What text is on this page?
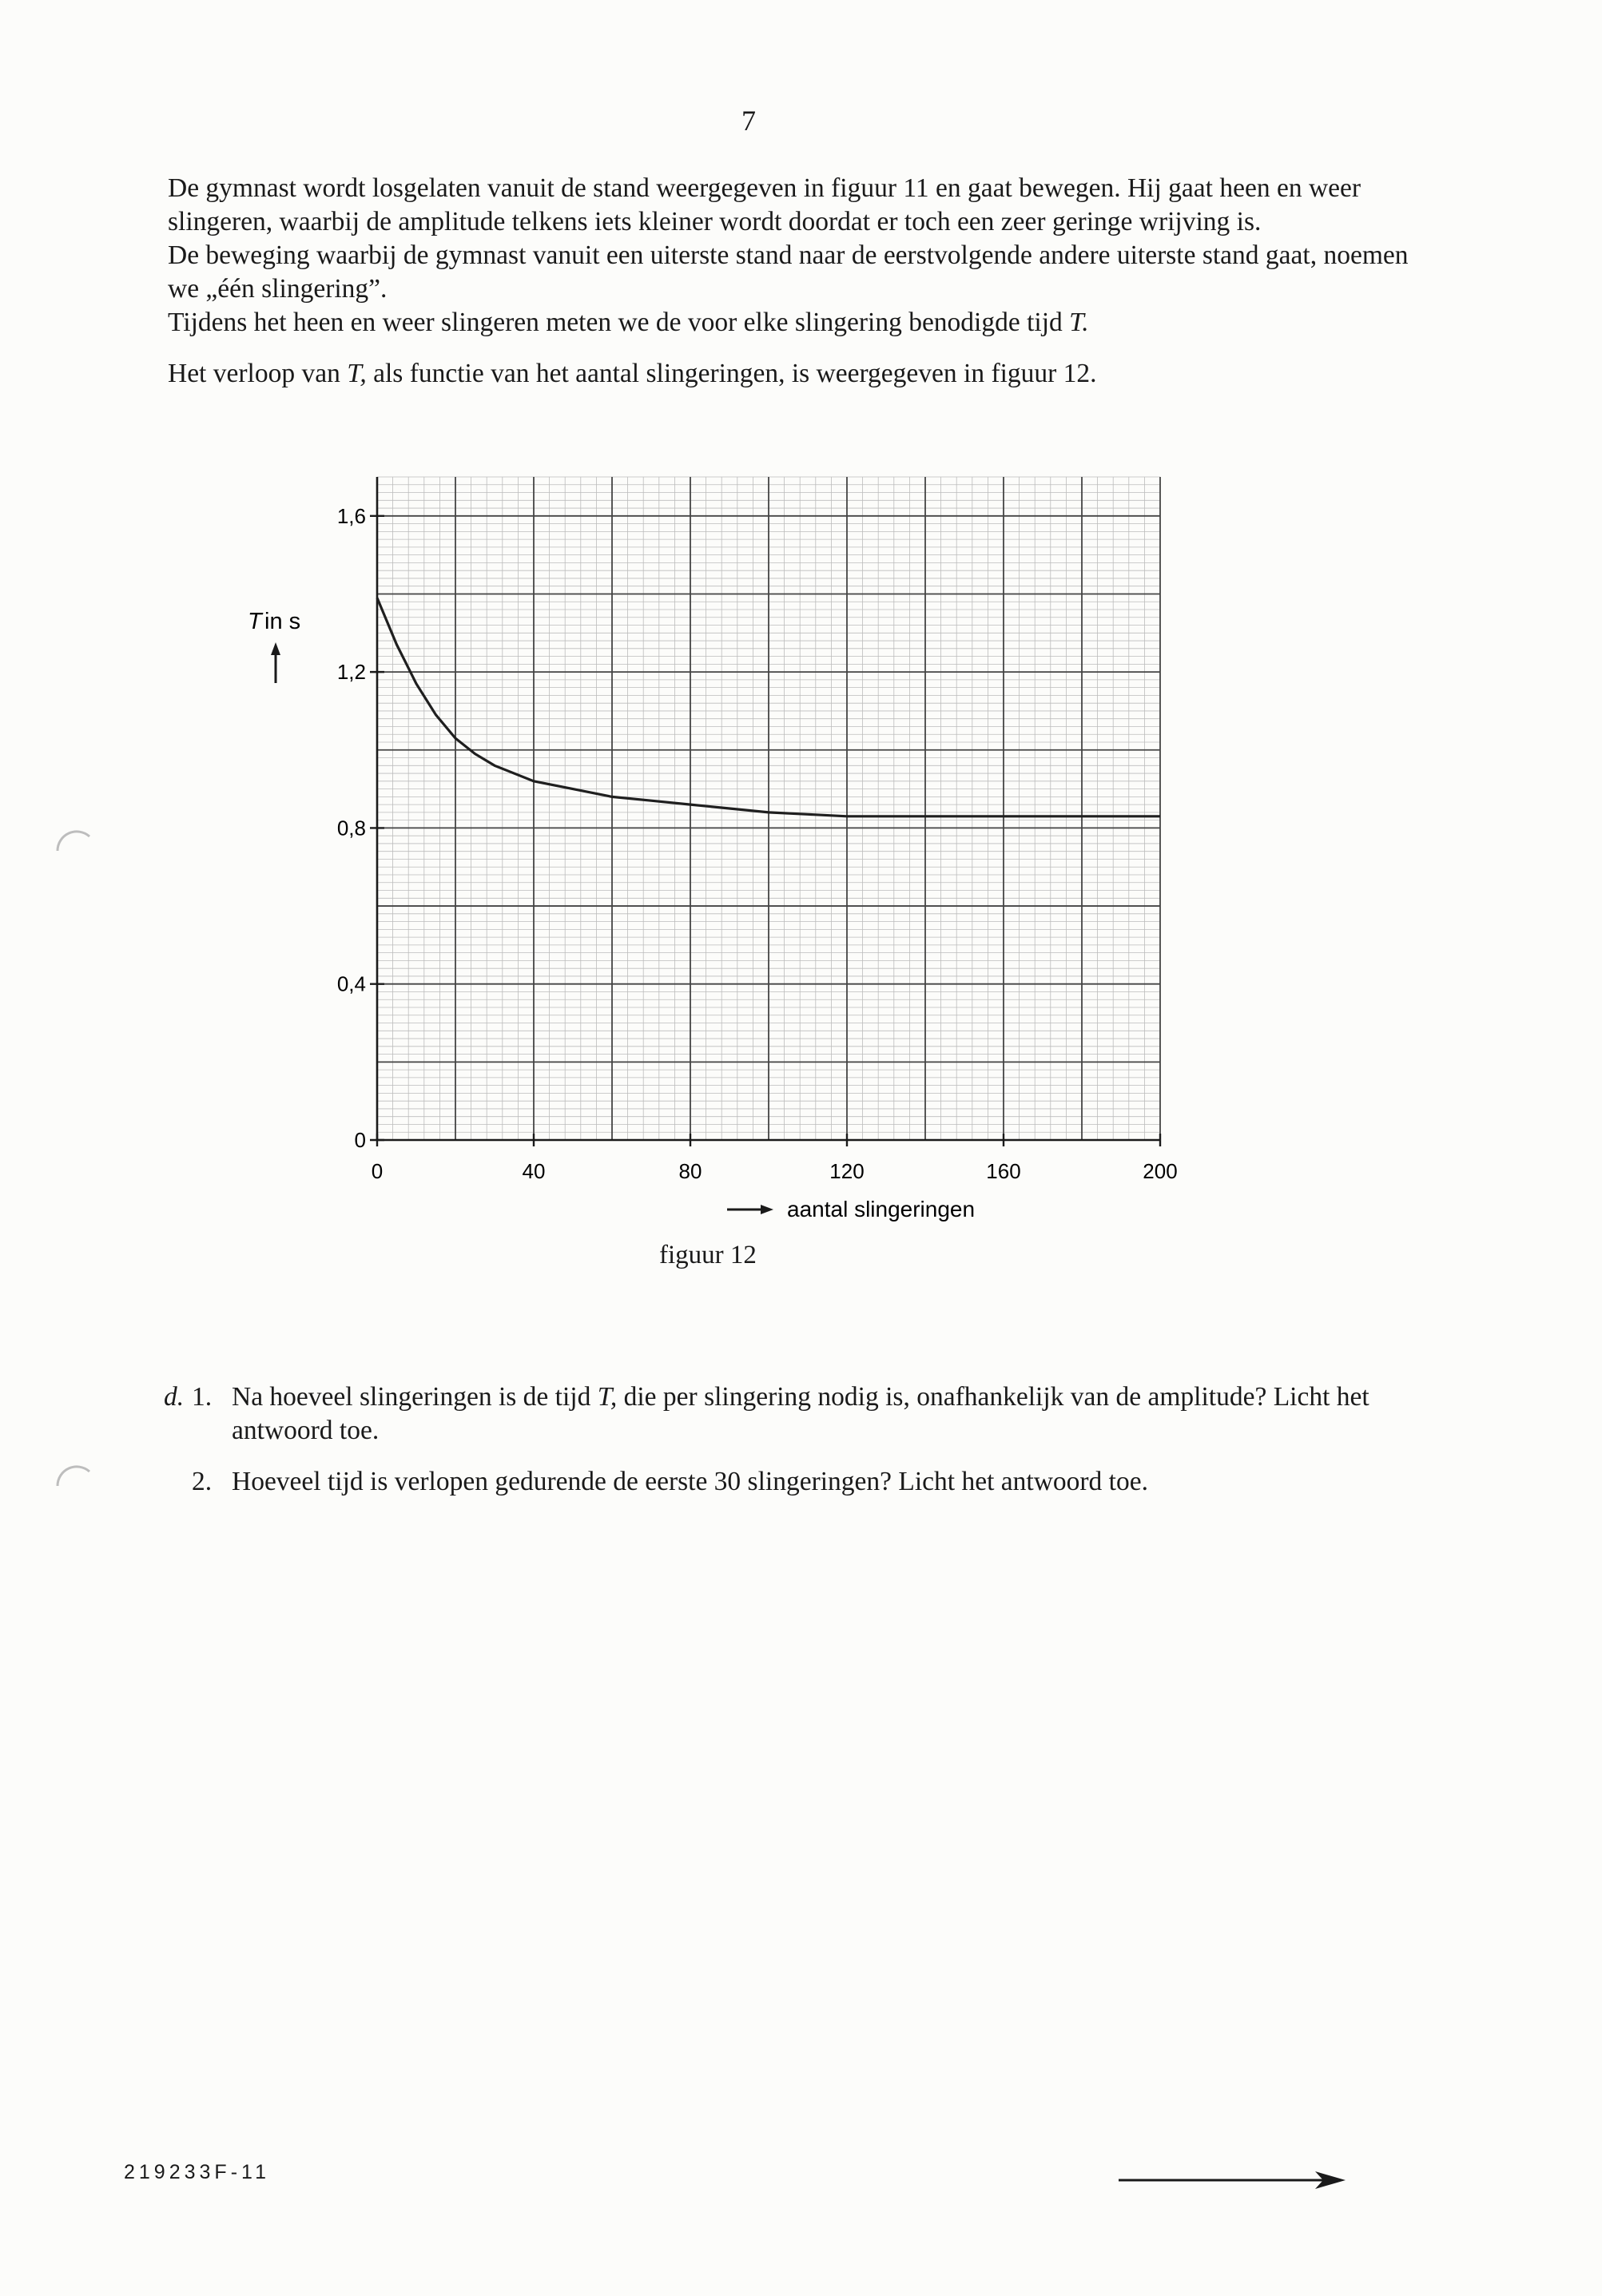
7

De gymnast wordt losgelaten vanuit de stand weergegeven in figuur 11 en gaat bewegen. Hij gaat heen en weer slingeren, waarbij de amplitude telkens iets kleiner wordt doordat er toch een zeer geringe wrijving is.

De beweging waarbij de gymnast vanuit een uiterste stand naar de eerstvolgende andere uiterste stand gaat, noemen we „één slingering”.

Tijdens het heen en weer slingeren meten we de voor elke slingering benodigde tijd T.

Het verloop van T, als functie van het aantal slingeringen, is weergegeven in figuur 12.

0	40	80	120	160	200
0
0,4
0,8
1,2
1,6
T in s
aantal slingeringen
figuur 12

d. 1. Na hoeveel slingeringen is de tijd T, die per slingering nodig is, onafhankelijk van de amplitude? Licht het antwoord toe.

2. Hoeveel tijd is verlopen gedurende de eerste 30 slingeringen? Licht het antwoord toe.

219233F-11
